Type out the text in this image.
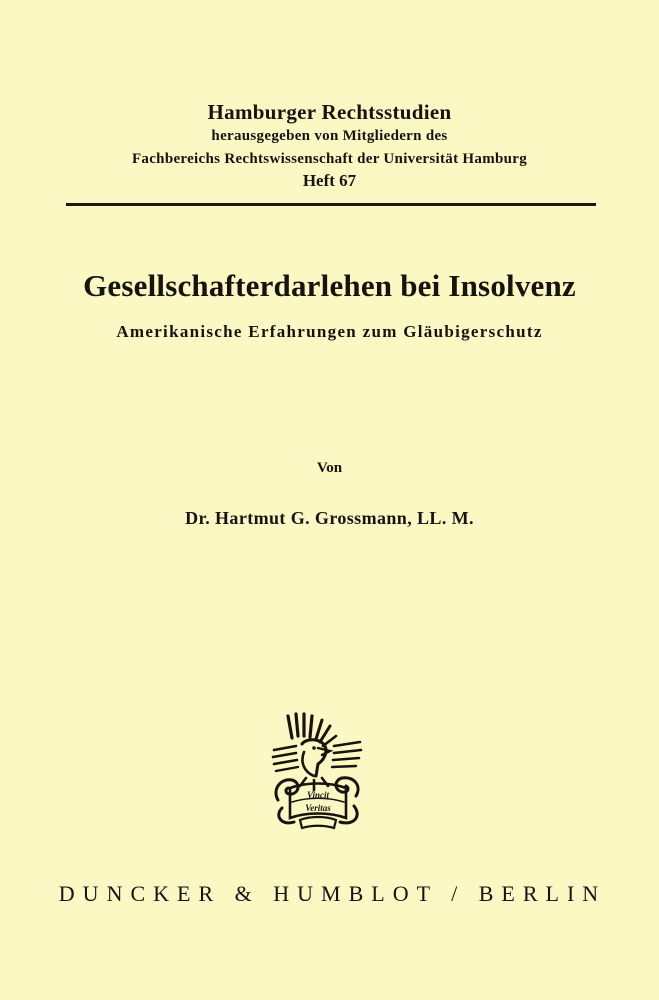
Hamburger Rechtsstudien
herausgegeben von Mitgliedern des
Fachbereichs Rechtswissenschaft der Universität Hamburg
Heft 67
Gesellschafterdarlehen bei Insolvenz
Amerikanische Erfahrungen zum Gläubigerschutz
Von
Dr. Hartmut G. Grossmann, LL. M.
Vincit
Veritas
DUNCKER & HUMBLOT / BERLIN
